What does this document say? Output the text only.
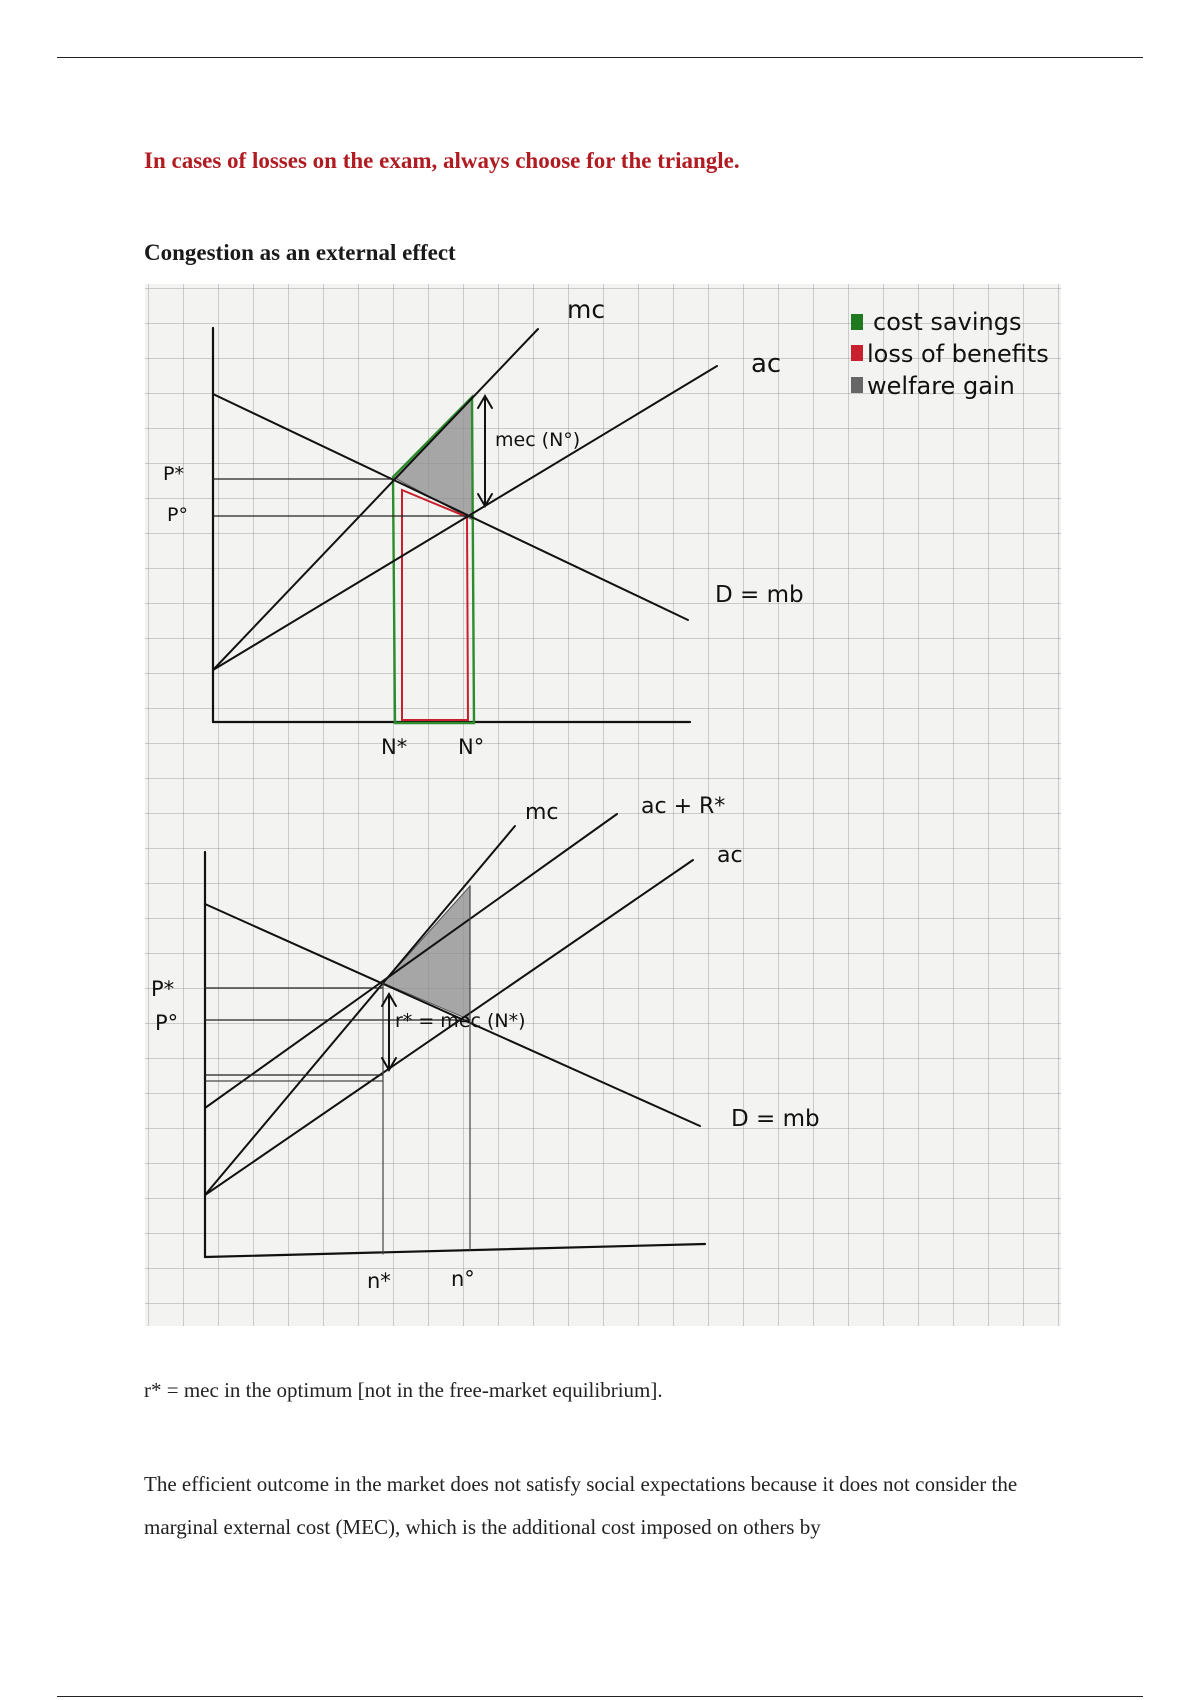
In cases of losses on the exam, always choose for the triangle.
Congestion as an external effect
mc
ac
mec (N°)
D = mb
P*
P°
N* N°
cost savings
loss of benefits
welfare gain
mc	ac + R*
ac
r* = mec (N*)
D = mb
P*
P°
n*	n°
r* = mec in the optimum [not in the free-market equilibrium].
The efficient outcome in the market does not satisfy social expectations because it does not consider the marginal external cost (MEC), which is the additional cost imposed on others by
